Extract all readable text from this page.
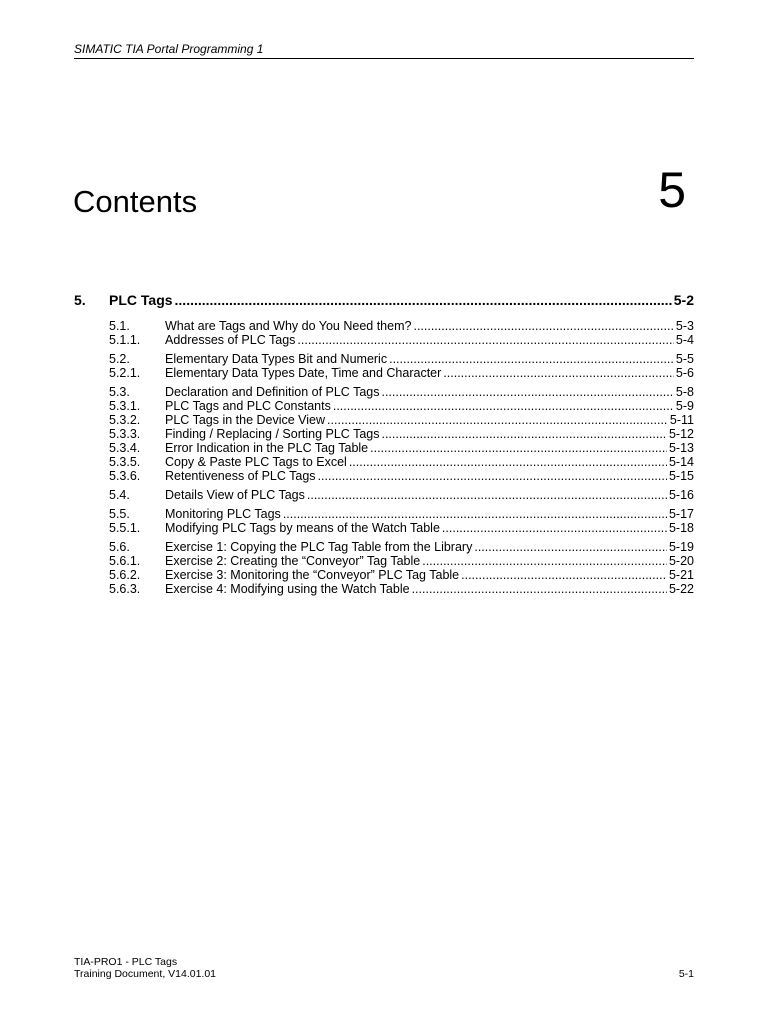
SIMATIC TIA Portal Programming 1
Contents	5
5.	PLC Tags .....	5-2
5.1.	What are Tags and Why do You Need them? .....	5-3
5.1.1.	Addresses of PLC Tags .....	5-4
5.2.	Elementary Data Types Bit and Numeric .....	5-5
5.2.1.	Elementary Data Types Date, Time and Character .....	5-6
5.3.	Declaration and Definition of PLC Tags .....	5-8
5.3.1.	PLC Tags and PLC Constants .....	5-9
5.3.2.	PLC Tags in the Device View .....	5-11
5.3.3.	Finding / Replacing / Sorting PLC Tags .....	5-12
5.3.4.	Error Indication in the PLC Tag Table .....	5-13
5.3.5.	Copy & Paste PLC Tags to Excel .....	5-14
5.3.6.	Retentiveness of PLC Tags .....	5-15
5.4.	Details View of PLC Tags .....	5-16
5.5.	Monitoring PLC Tags .....	5-17
5.5.1.	Modifying PLC Tags by means of the Watch Table .....	5-18
5.6.	Exercise 1: Copying the PLC Tag Table from the Library .....	5-19
5.6.1.	Exercise 2: Creating the “Conveyor” Tag Table .....	5-20
5.6.2.	Exercise 3: Monitoring the “Conveyor” PLC Tag Table .....	5-21
5.6.3.	Exercise 4: Modifying using the Watch Table .....	5-22
TIA-PRO1 - PLC Tags
Training Document, V14.01.01	5-1
